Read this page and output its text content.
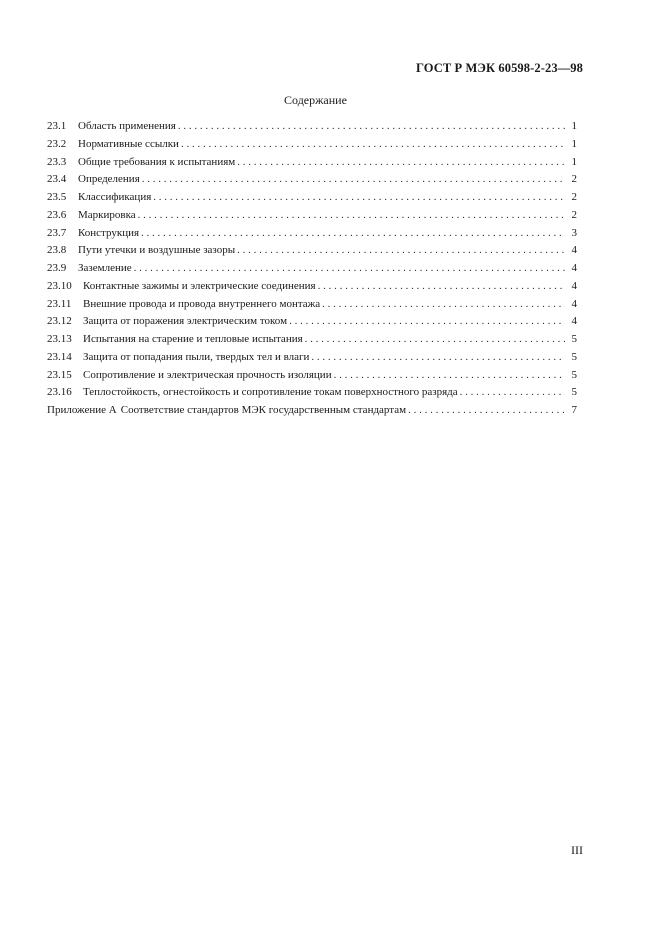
ГОСТ Р МЭК 60598-2-23—98
Содержание
23.1	Область применения . . .	1
23.2	Нормативные ссылки . . .	1
23.3	Общие требования к испытаниям . . .	1
23.4	Определения . . .	2
23.5	Классификация . . .	2
23.6	Маркировка . . .	2
23.7	Конструкция . . .	3
23.8	Пути утечки и воздушные зазоры . . .	4
23.9	Заземление . . .	4
23.10	Контактные зажимы и электрические соединения . . .	4
23.11	Внешние провода и провода внутреннего монтажа . . .	4
23.12	Защита от поражения электрическим током . . .	4
23.13	Испытания на старение и тепловые испытания . . .	5
23.14	Защита от попадания пыли, твердых тел и влаги . . .	5
23.15	Сопротивление и электрическая прочность изоляции . . .	5
23.16	Теплостойкость, огнестойкость и сопротивление токам поверхностного разряда . . .	5
Приложение А Соответствие стандартов МЭК государственным стандартам . . .	7
III
